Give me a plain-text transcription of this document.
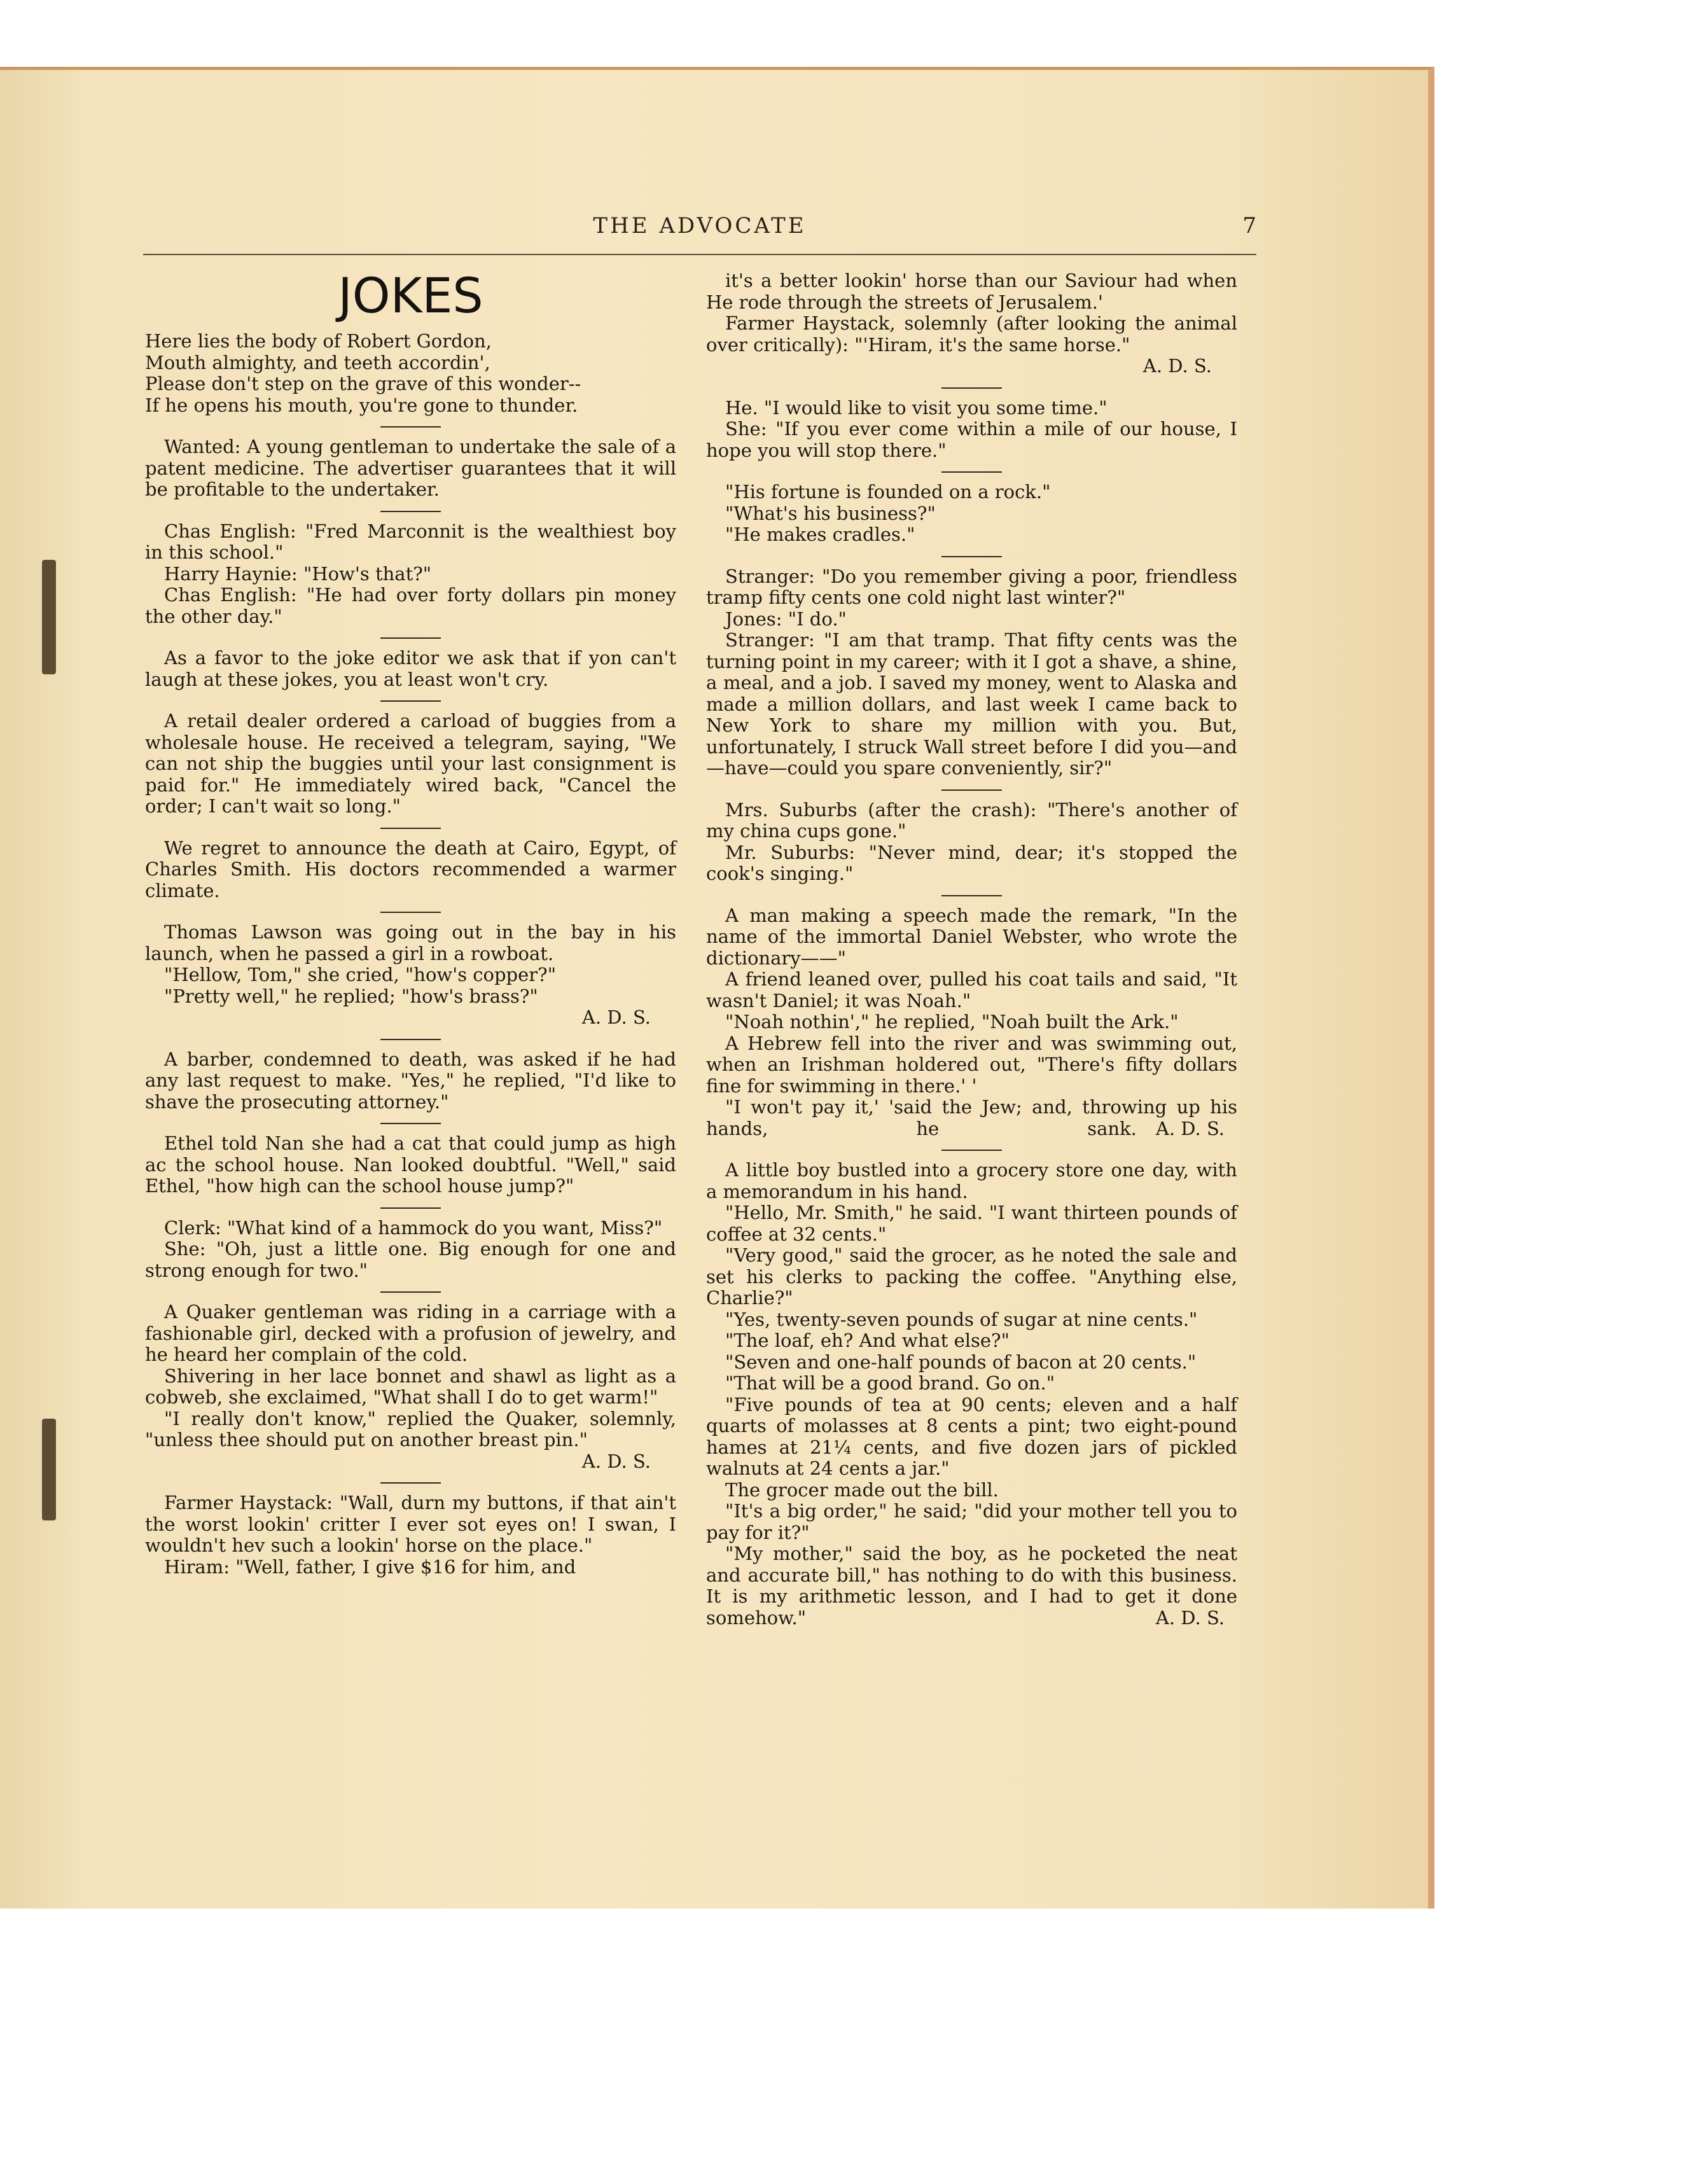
THE ADVOCATE	7
JOKES

Here lies the body of Robert Gordon,

Mouth almighty, and teeth accordin',

Please don't step on the grave of this wonder--

If he opens his mouth, you're gone to thunder.

Wanted: A young gentleman to undertake the sale of a patent medicine. The advertiser guarantees that it will be profitable to the undertaker.

Chas English: "Fred Marconnit is the wealthiest boy in this school."

Harry Haynie: "How's that?"

Chas English: "He had over forty dollars pin money the other day."

As a favor to the joke editor we ask that if yon can't laugh at these jokes, you at least won't cry.

A retail dealer ordered a carload of buggies from a wholesale house. He received a telegram, saying, "We can not ship the buggies until your last consignment is paid for." He immediately wired back, "Cancel the order; I can't wait so long."

We regret to announce the death at Cairo, Egypt, of Charles Smith. His doctors recommended a warmer climate.

Thomas Lawson was going out in the bay in his launch, when he passed a girl in a rowboat.

"Hellow, Tom," she cried, "how's copper?"

"Pretty well," he replied; "how's brass?"

A. D. S.

A barber, condemned to death, was asked if he had any last request to make. "Yes," he replied, "I'd like to shave the prosecuting attorney."

Ethel told Nan she had a cat that could jump as high ac the school house. Nan looked doubtful. "Well," said Ethel, "how high can the school house jump?"

Clerk: "What kind of a hammock do you want, Miss?"

She: "Oh, just a little one. Big enough for one and strong enough for two."

A Quaker gentleman was riding in a carriage with a fashionable girl, decked with a profusion of jewelry, and he heard her complain of the cold.

Shivering in her lace bonnet and shawl as light as a cobweb, she exclaimed, "What shall I do to get warm!"

"I really don't know," replied the Quaker, solemnly, "unless thee should put on another breast pin."

A. D. S.

Farmer Haystack: "Wall, durn my buttons, if that ain't the worst lookin' critter I ever sot eyes on! I swan, I wouldn't hev such a lookin' horse on the place."

Hiram: "Well, father, I give $16 for him, and

it's a better lookin' horse than our Saviour had when He rode through the streets of Jerusalem.'

Farmer Haystack, solemnly (after looking the animal over critically): "'Hiram, it's the same horse."

A. D. S.

He. "I would like to visit you some time."

She: "If you ever come within a mile of our house, I hope you will stop there."

"His fortune is founded on a rock."

"What's his business?"

"He makes cradles."

Stranger: "Do you remember giving a poor, friendless tramp fifty cents one cold night last winter?"

Jones: "I do."

Stranger: "I am that tramp. That fifty cents was the turning point in my career; with it I got a shave, a shine, a meal, and a job. I saved my money, went to Alaska and made a million dollars, and last week I came back to New York to share my million with you. But, unfortunately, I struck Wall street before I did you—and—have—could you spare conveniently, sir?"

Mrs. Suburbs (after the crash): "There's another of my china cups gone."

Mr. Suburbs: "Never mind, dear; it's stopped the cook's singing."

A man making a speech made the remark, "In the name of the immortal Daniel Webster, who wrote the dictionary——"

A friend leaned over, pulled his coat tails and said, "It wasn't Daniel; it was Noah."

"Noah nothin'," he replied, "Noah built the Ark."

A Hebrew fell into the river and was swimming out, when an Irishman holdered out, "There's fifty dollars fine for swimming in there.' '

"I won't pay it,' 'said the Jew; and, throwing up his hands, he sank.	A. D. S.

A little boy bustled into a grocery store one day, with a memorandum in his hand.

"Hello, Mr. Smith," he said. "I want thirteen pounds of coffee at 32 cents."

"Very good," said the grocer, as he noted the sale and set his clerks to packing the coffee. "Anything else, Charlie?"

"Yes, twenty-seven pounds of sugar at nine cents."

"The loaf, eh? And what else?"

"Seven and one-half pounds of bacon at 20 cents."

"That will be a good brand. Go on."

"Five pounds of tea at 90 cents; eleven and a half quarts of molasses at 8 cents a pint; two eight-pound hames at 21¼ cents, and five dozen jars of pickled walnuts at 24 cents a jar."

The grocer made out the bill.

"It's a big order," he said; "did your mother tell you to pay for it?"

"My mother," said the boy, as he pocketed the neat and accurate bill," has nothing to do with this business. It is my arithmetic lesson, and I had to get it done somehow."	A. D. S.
